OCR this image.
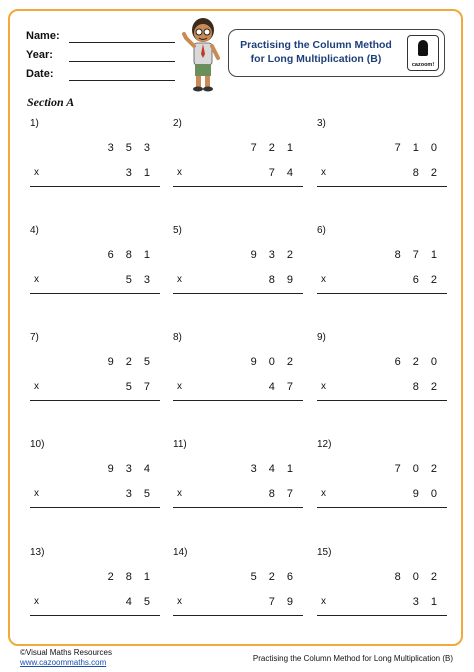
Name:
Year:
Date:
Practising the Column Method
for Long Multiplication (B)	cazoom!
Section A
1)
353
x	31
2)
721
x	74
3)
710
x	82
4)
681
x	53
5)
932
x	89
6)
871
x	62
7)
925
x	57
8)
902
x	47
9)
620
x	82
10)
934
x	35
11)
341
x	87
12)
702
x	90
13)
281
x	45
14)
526
x	79
15)
802
x	31
©Visual Maths Resources
www.cazoommaths.com	Practising the Column Method for Long Multiplication (B)
